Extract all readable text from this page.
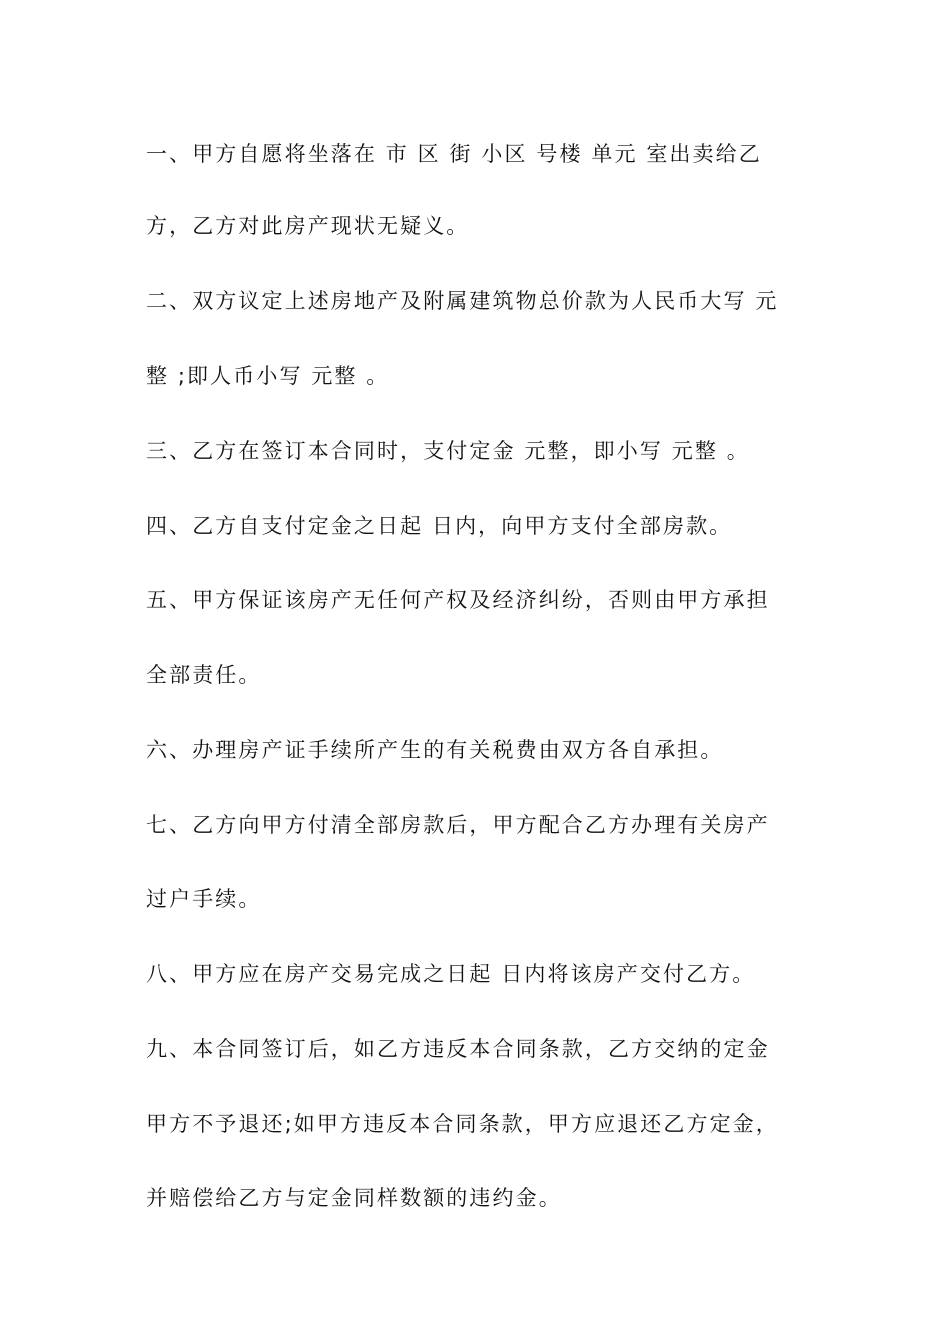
一、甲方自愿将坐落在 市 区 街 小区 号楼 单元 室出卖给乙
方，乙方对此房产现状无疑义。
二、双方议定上述房地产及附属建筑物总价款为人民币大写 元
整 ;即人币小写 元整 。
三、乙方在签订本合同时，支付定金 元整，即小写 元整 。
四、乙方自支付定金之日起 日内，向甲方支付全部房款。
五、甲方保证该房产无任何产权及经济纠纷，否则由甲方承担
全部责任。
六、办理房产证手续所产生的有关税费由双方各自承担。
七、乙方向甲方付清全部房款后，甲方配合乙方办理有关房产
过户手续。
八、甲方应在房产交易完成之日起 日内将该房产交付乙方。
九、本合同签订后，如乙方违反本合同条款，乙方交纳的定金
甲方不予退还;如甲方违反本合同条款，甲方应退还乙方定金，
并赔偿给乙方与定金同样数额的违约金。
